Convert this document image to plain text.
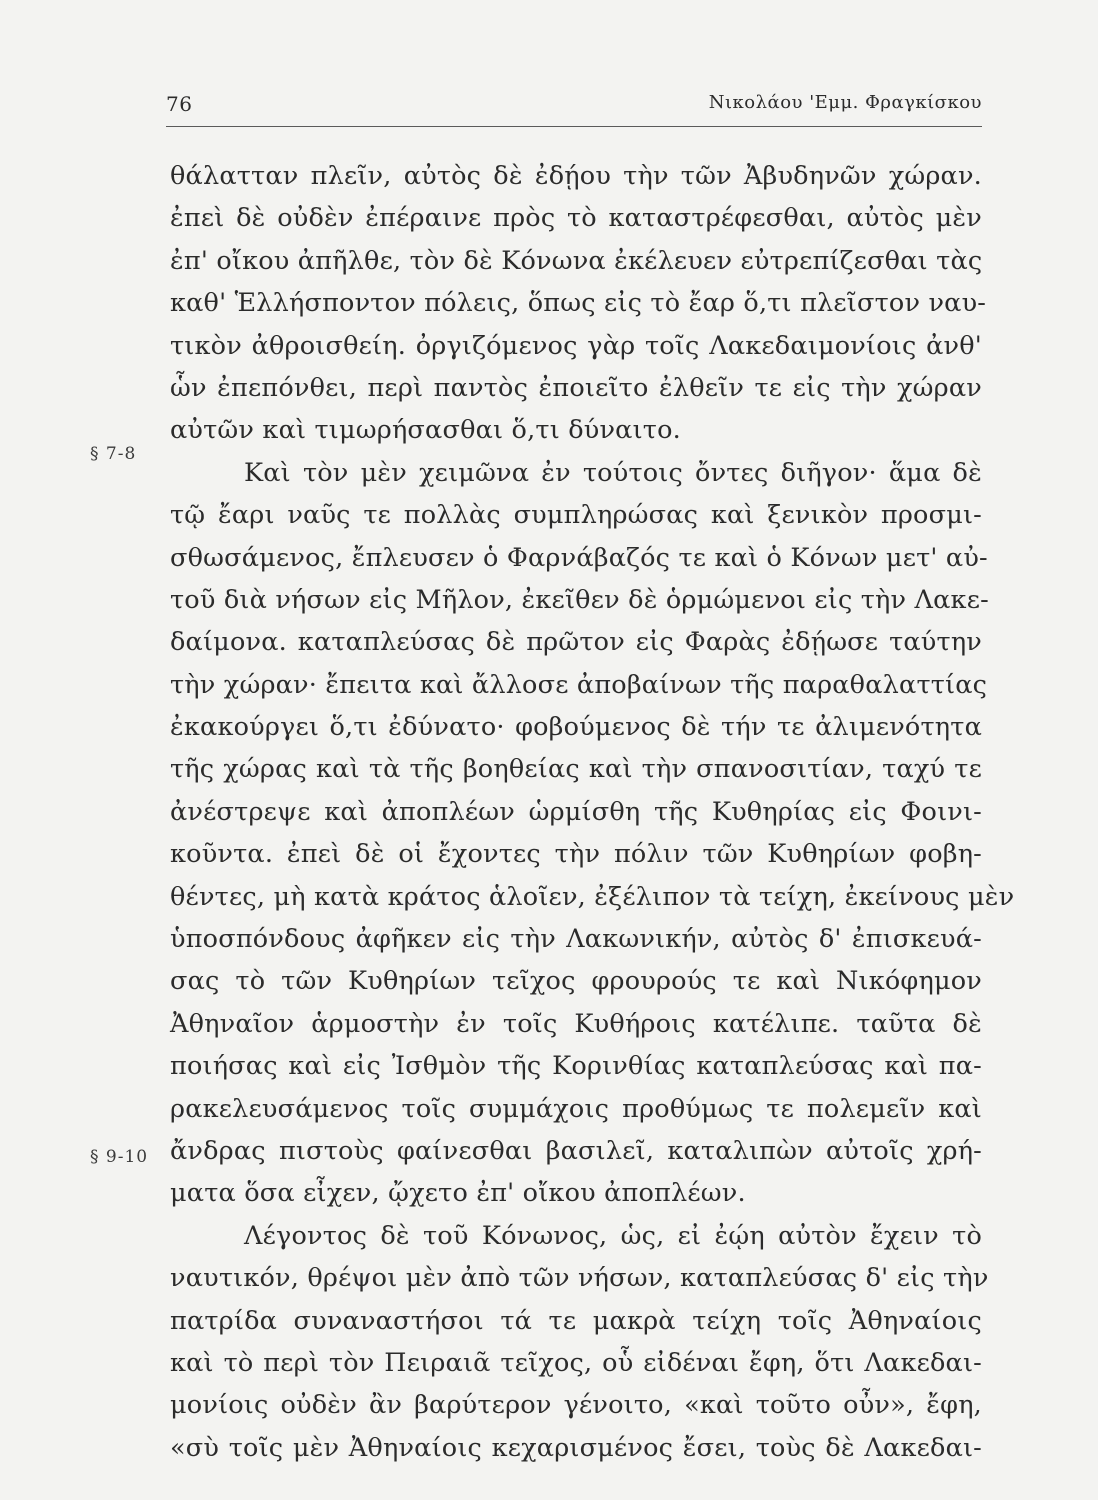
76	Νικολάου 'Εμμ. Φραγκίσκου
§ 7-8
§ 9-10
θάλατταν πλεῖν, αὐτὸς δὲ ἐδῄου τὴν τῶν Ἀβυδηνῶν χώραν.
ἐπεὶ δὲ οὐδὲν ἐπέραινε πρὸς τὸ καταστρέφεσθαι, αὐτὸς μὲν
ἐπ' οἴκου ἀπῆλθε, τὸν δὲ Κόνωνα ἐκέλευεν εὐτρεπίζεσθαι τὰς
καθ' Ἑλλήσποντον πόλεις, ὅπως εἰς τὸ ἔαρ ὅ,τι πλεῖστον ναυ-
τικὸν ἀθροισθείη. ὀργιζόμενος γὰρ τοῖς Λακεδαιμονίοις ἀνθ'
ὧν ἐπεπόνθει, περὶ παντὸς ἐποιεῖτο ἐλθεῖν τε εἰς τὴν χώραν
αὐτῶν καὶ τιμωρήσασθαι ὅ,τι δύναιτο.
Καὶ τὸν μὲν χειμῶνα ἐν τούτοις ὄντες διῆγον· ἅμα δὲ
τῷ ἔαρι ναῦς τε πολλὰς συμπληρώσας καὶ ξενικὸν προσμι-
σθωσάμενος, ἔπλευσεν ὁ Φαρνάβαζός τε καὶ ὁ Κόνων μετ' αὐ-
τοῦ διὰ νήσων εἰς Μῆλον, ἐκεῖθεν δὲ ὁρμώμενοι εἰς τὴν Λακε-
δαίμονα. καταπλεύσας δὲ πρῶτον εἰς Φαρὰς ἐδῄωσε ταύτην
τὴν χώραν· ἔπειτα καὶ ἄλλοσε ἀποβαίνων τῆς παραθαλαττίας
ἐκακούργει ὅ,τι ἐδύνατο· φοβούμενος δὲ τήν τε ἀλιμενότητα
τῆς χώρας καὶ τὰ τῆς βοηθείας καὶ τὴν σπανοσιτίαν, ταχύ τε
ἀνέστρεψε καὶ ἀποπλέων ὡρμίσθη τῆς Κυθηρίας εἰς Φοινι-
κοῦντα. ἐπεὶ δὲ οἱ ἔχοντες τὴν πόλιν τῶν Κυθηρίων φοβη-
θέντες, μὴ κατὰ κράτος ἁλοῖεν, ἐξέλιπον τὰ τείχη, ἐκείνους μὲν
ὑποσπόνδους ἀφῆκεν εἰς τὴν Λακωνικήν, αὐτὸς δ' ἐπισκευά-
σας τὸ τῶν Κυθηρίων τεῖχος φρουρούς τε καὶ Νικόφημον
Ἀθηναῖον ἁρμοστὴν ἐν τοῖς Κυθήροις κατέλιπε. ταῦτα δὲ
ποιήσας καὶ εἰς Ἰσθμὸν τῆς Κορινθίας καταπλεύσας καὶ πα-
ρακελευσάμενος τοῖς συμμάχοις προθύμως τε πολεμεῖν καὶ
ἄνδρας πιστοὺς φαίνεσθαι βασιλεῖ, καταλιπὼν αὐτοῖς χρή-
ματα ὅσα εἶχεν, ᾤχετο ἐπ' οἴκου ἀποπλέων.
Λέγοντος δὲ τοῦ Κόνωνος, ὡς, εἰ ἐῴη αὐτὸν ἔχειν τὸ
ναυτικόν, θρέψοι μὲν ἀπὸ τῶν νήσων, καταπλεύσας δ' εἰς τὴν
πατρίδα συναναστήσοι τά τε μακρὰ τείχη τοῖς Ἀθηναίοις
καὶ τὸ περὶ τὸν Πειραιᾶ τεῖχος, οὗ εἰδέναι ἔφη, ὅτι Λακεδαι-
μονίοις οὐδὲν ἂν βαρύτερον γένοιτο, «καὶ τοῦτο οὖν», ἔφη,
«σὺ τοῖς μὲν Ἀθηναίοις κεχαρισμένος ἔσει, τοὺς δὲ Λακεδαι-
